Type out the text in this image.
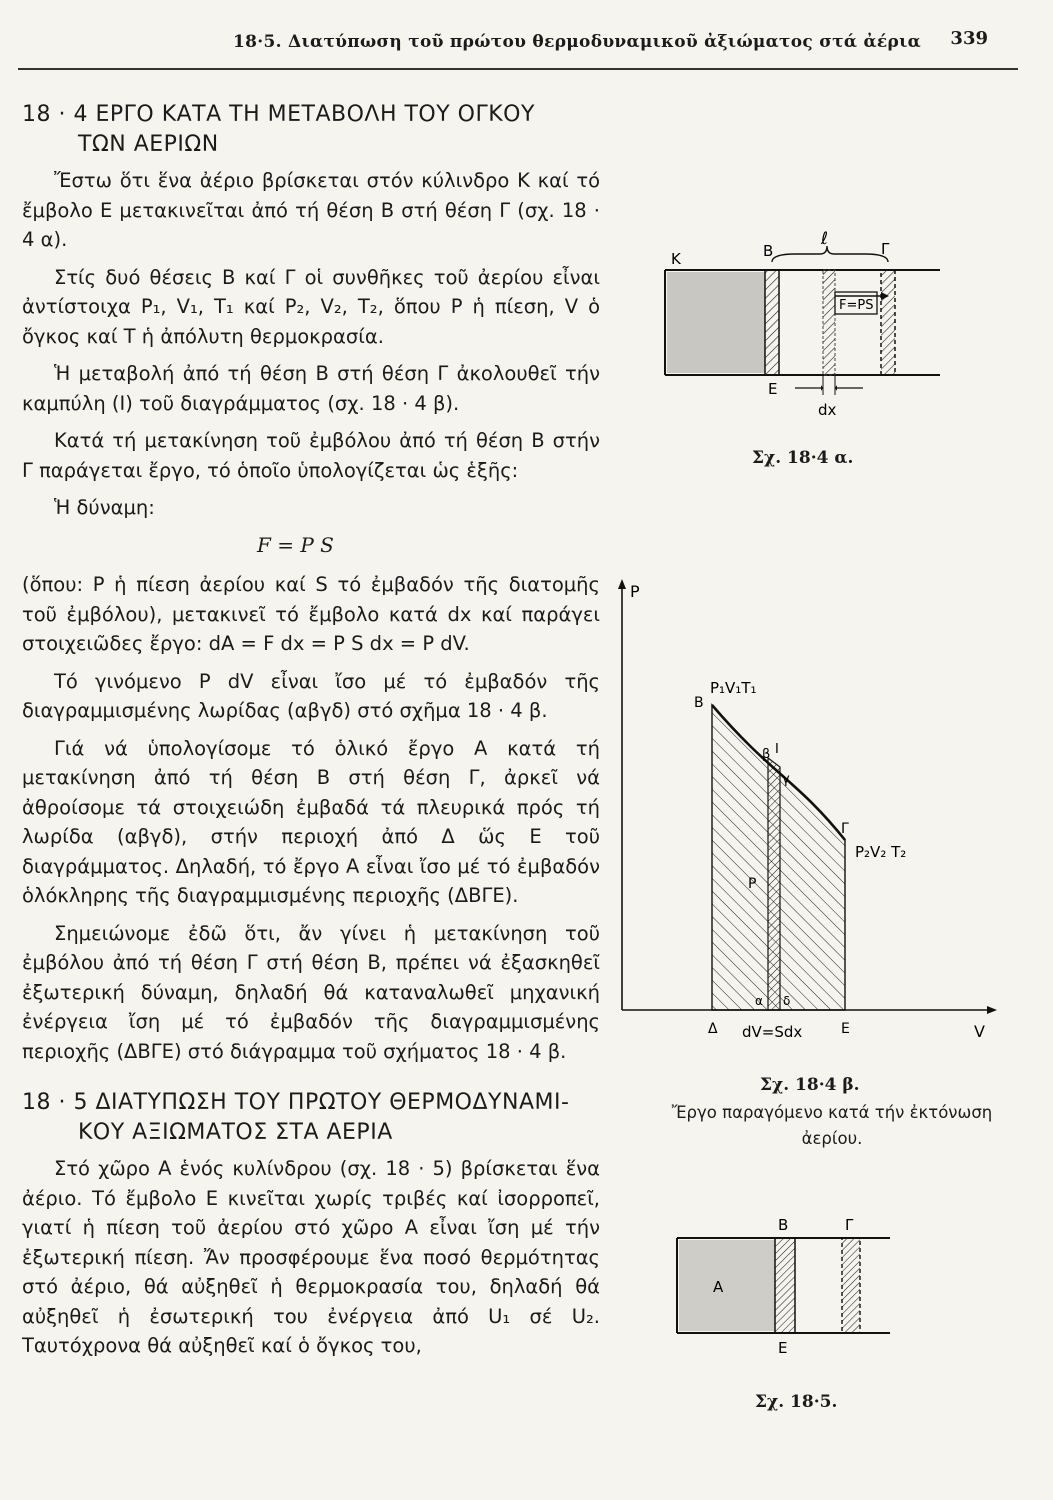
18·5. Διατύπωση τοῦ πρώτου θερμοδυναμικοῦ ἀξιώματος στά ἀέρια 339
18 · 4 ΕΡΓΟ ΚΑΤΑ ΤΗ ΜΕΤΑΒΟΛΗ ΤΟΥ ΟΓΚΟΥ
ΤΩΝ ΑΕΡΙΩΝ

Ἔστω ὅτι ἕνα ἀέριο βρίσκεται στόν κύλινδρο Κ καί τό ἔμβολο Ε μετακινεῖται ἀπό τή θέση Β στή θέση Γ (σχ. 18 · 4 α).

Στίς δυό θέσεις Β καί Γ οἱ συνθῆκες τοῦ ἀερίου εἶναι ἀντίστοιχα P₁, V₁, T₁ καί P₂, V₂, T₂, ὅπου Ρ ἡ πίεση, V ὁ ὄγκος καί Τ ἡ ἀπόλυτη θερμοκρασία.

Ἡ μεταβολή ἀπό τή θέση Β στή θέση Γ ἀκολουθεῖ τήν καμπύλη (Ι) τοῦ διαγράμματος (σχ. 18 · 4 β).

Κατά τή μετακίνηση τοῦ ἐμβόλου ἀπό τή θέση Β στήν Γ παράγεται ἔργο, τό ὁποῖο ὑπολογίζεται ὡς ἑξῆς:

Ἡ δύναμη:

F = P S

(ὅπου: Ρ ἡ πίεση ἀερίου καί S τό ἐμβαδόν τῆς διατομῆς τοῦ ἐμβόλου), μετακινεῖ τό ἔμβολο κατά dx καί παράγει στοιχειῶδες ἔργο: dA = F dx = P S dx = P dV.

Τό γινόμενο P dV εἶναι ἴσο μέ τό ἐμβαδόν τῆς διαγραμμισμένης λωρίδας (αβγδ) στό σχῆμα 18 · 4 β.

Γιά νά ὑπολογίσομε τό ὁλικό ἔργο Α κατά τή μετακίνηση ἀπό τή θέση Β στή θέση Γ, ἀρκεῖ νά ἀθροίσομε τά στοιχειώδη ἐμβαδά τά πλευρικά πρός τή λωρίδα (αβγδ), στήν περιοχή ἀπό Δ ὥς Ε τοῦ διαγράμματος. Δηλαδή, τό ἔργο Α εἶναι ἴσο μέ τό ἐμβαδόν ὁλόκληρης τῆς διαγραμμισμένης περιοχῆς (ΔΒΓΕ).

Σημειώνομε ἐδῶ ὅτι, ἄν γίνει ἡ μετακίνηση τοῦ ἐμβόλου ἀπό τή θέση Γ στή θέση Β, πρέπει νά ἐξασκηθεῖ ἐξωτερική δύναμη, δηλαδή θά καταναλωθεῖ μηχανική ἐνέργεια ἴση μέ τό ἐμβαδόν τῆς διαγραμμισμένης περιοχῆς (ΔΒΓΕ) στό διάγραμμα τοῦ σχήματος 18 · 4 β.

18 · 5 ΔΙΑΤΥΠΩΣΗ ΤΟΥ ΠΡΩΤΟΥ ΘΕΡΜΟΔΥΝΑΜΙ-
ΚΟΥ ΑΞΙΩΜΑΤΟΣ ΣΤΑ ΑΕΡΙΑ

Στό χῶρο Α ἑνός κυλίνδρου (σχ. 18 · 5) βρίσκεται ἕνα ἀέριο. Τό ἔμβολο Ε κινεῖται χωρίς τριβές καί ἰσορροπεῖ, γιατί ἡ πίεση τοῦ ἀερίου στό χῶρο Α εἶναι ἴση μέ τήν ἐξωτερική πίεση. Ἄν προσφέρουμε ἕνα ποσό θερμότητας στό ἀέριο, θά αὐξηθεῖ ἡ θερμοκρασία του, δηλαδή θά αὐξηθεῖ ἡ ἐσωτερική του ἐνέργεια ἀπό U₁ σέ U₂. Ταυτόχρονα θά αὐξηθεῖ καί ὁ ὄγκος του,

Κ	Β
ℓ	Γ
F=PS
Ε
dx
Σχ. 18·4 α.
P
V
P₁V₁T₁
Β
β Ι
γ
Γ
P₂V₂ T₂
P
α δ
Δ dV=Sdx	Ε
Σχ. 18·4 β.
Ἔργο παραγόμενο κατά τήν ἐκτόνωση
ἀερίου.
Α
Β	Γ
Ε
Σχ. 18·5.
